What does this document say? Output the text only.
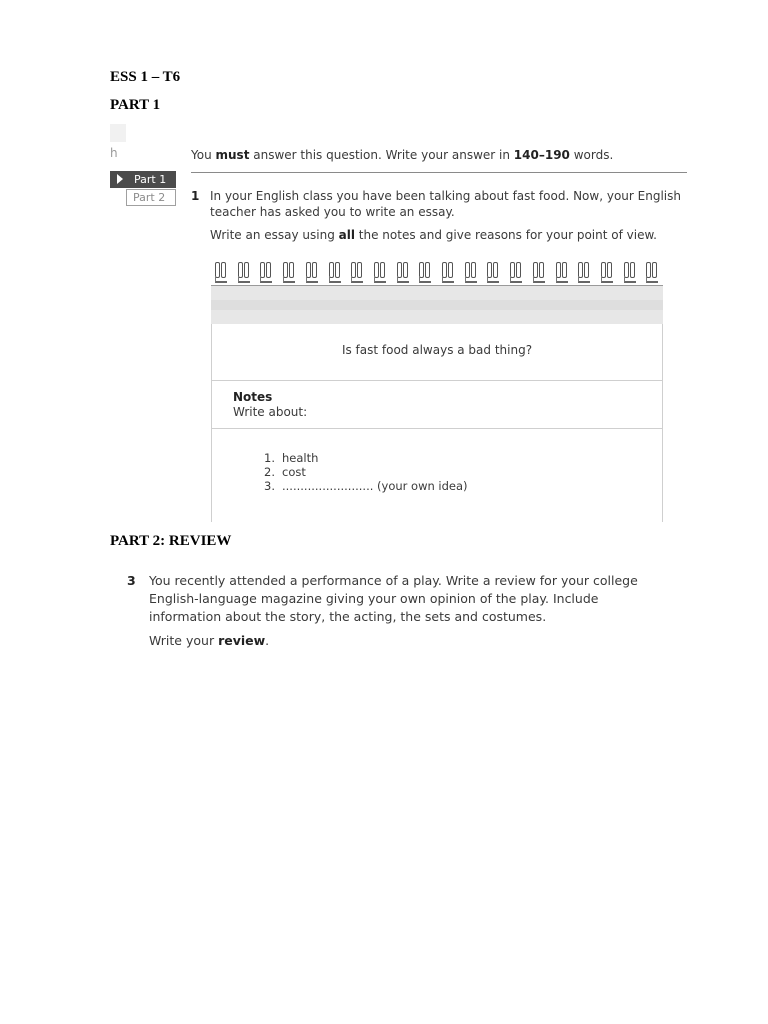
ESS 1 – T6
PART 1
h	You must answer this question. Write your answer in 140–190 words.
Part 1
Part 2 1 In your English class you have been talking about fast food. Now, your English
teacher has asked you to write an essay.
Write an essay using all the notes and give reasons for your point of view.
Is fast food always a bad thing?
Notes
Write about:
1. health
2. cost
3. ......................... (your own idea)
PART 2: REVIEW
3 You recently attended a performance of a play. Write a review for your college
English-language magazine giving your own opinion of the play. Include
information about the story, the acting, the sets and costumes.
Write your review.
